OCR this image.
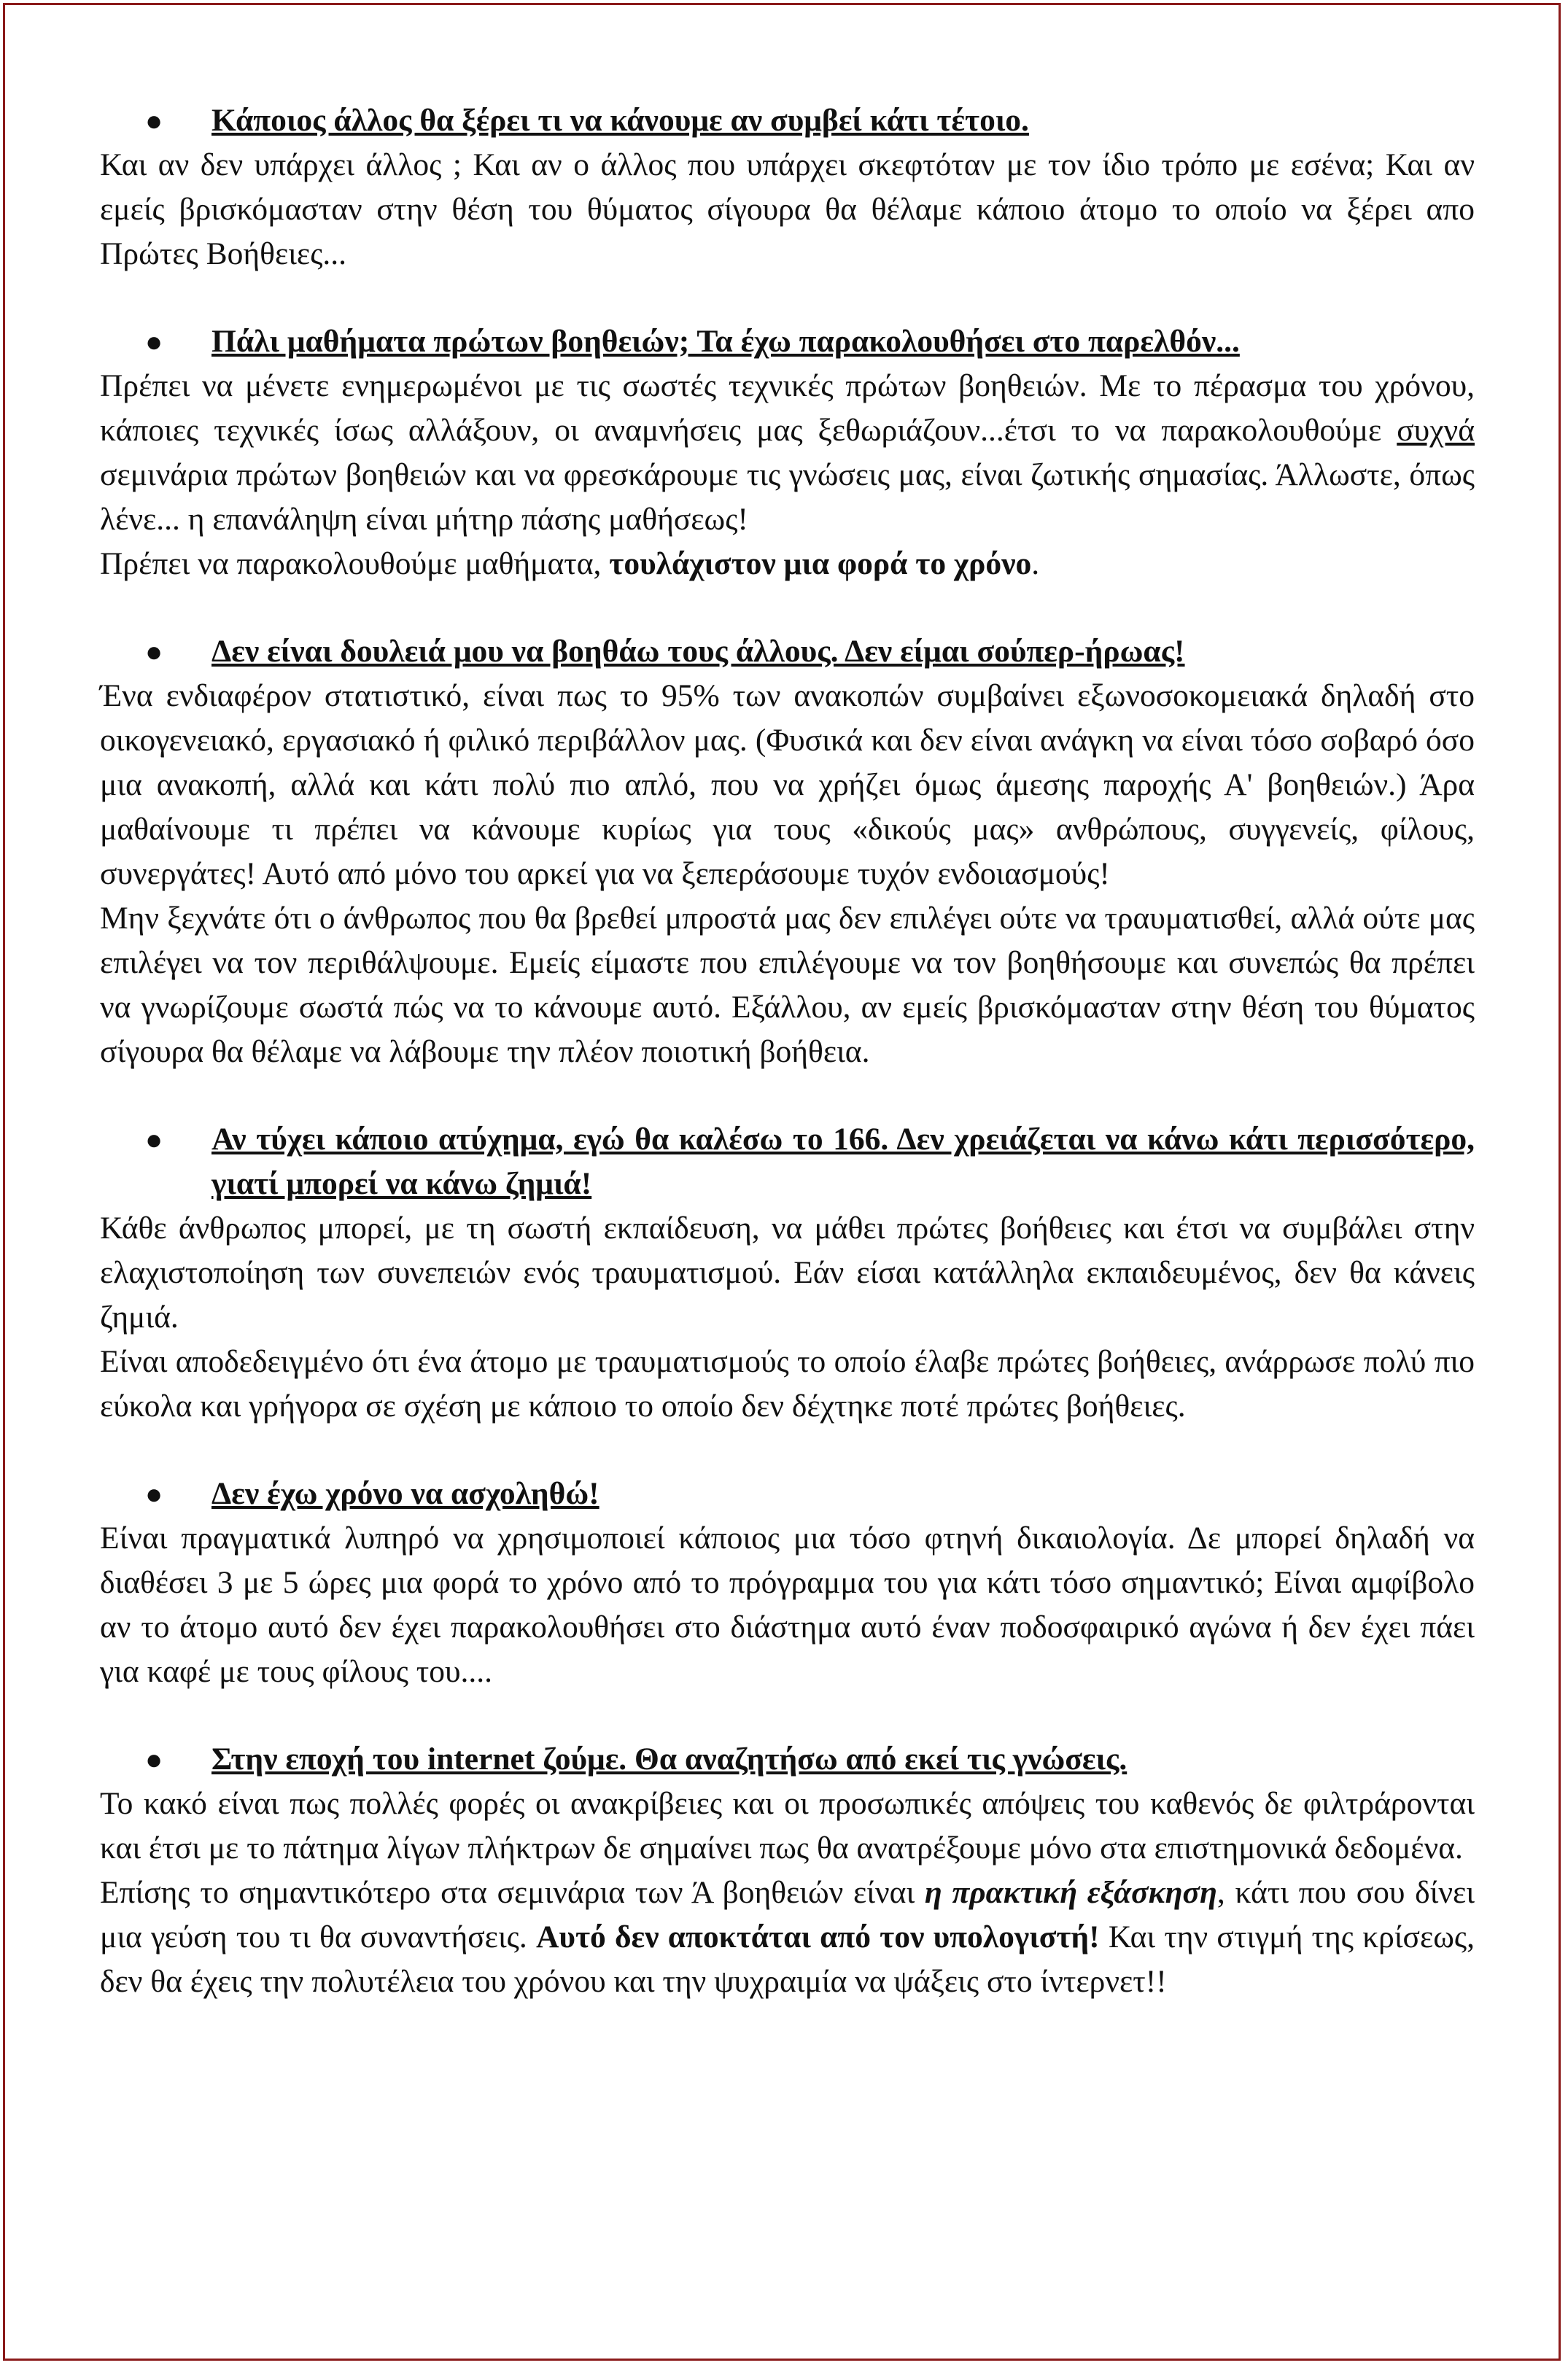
● Κάποιος άλλος θα ξέρει τι να κάνουμε αν συμβεί κάτι τέτοιο.
Και αν δεν υπάρχει άλλος ; Και αν ο άλλος που υπάρχει σκεφτόταν με τον ίδιο τρόπο με εσένα; Και αν εμείς βρισκόμασταν στην θέση του θύματος σίγουρα θα θέλαμε κάποιο άτομο το οποίο να ξέρει απο Πρώτες Βοήθειες...
● Πάλι μαθήματα πρώτων βοηθειών; Τα έχω παρακολουθήσει στο παρελθόν...
Πρέπει να μένετε ενημερωμένοι με τις σωστές τεχνικές πρώτων βοηθειών. Με το πέρασμα του χρόνου, κάποιες τεχνικές ίσως αλλάξουν, οι αναμνήσεις μας ξεθωριάζουν...έτσι το να παρακολουθούμε συχνά σεμινάρια πρώτων βοηθειών και να φρεσκάρουμε τις γνώσεις μας, είναι ζωτικής σημασίας. Άλλωστε, όπως λένε... η επανάληψη είναι μήτηρ πάσης μαθήσεως!
Πρέπει να παρακολουθούμε μαθήματα, τουλάχιστον μια φορά το χρόνο.
● Δεν είναι δουλειά μου να βοηθάω τους άλλους. Δεν είμαι σούπερ-ήρωας!
Ένα ενδιαφέρον στατιστικό, είναι πως το 95% των ανακοπών συμβαίνει εξωνοσοκομειακά δηλαδή στο οικογενειακό, εργασιακό ή φιλικό περιβάλλον μας. (Φυσικά και δεν είναι ανάγκη να είναι τόσο σοβαρό όσο μια ανακοπή, αλλά και κάτι πολύ πιο απλό, που να χρήζει όμως άμεσης παροχής Α' βοηθειών.) Άρα μαθαίνουμε τι πρέπει να κάνουμε κυρίως για τους «δικούς μας» ανθρώπους, συγγενείς, φίλους, συνεργάτες! Αυτό από μόνο του αρκεί για να ξεπεράσουμε τυχόν ενδοιασμούς!
Μην ξεχνάτε ότι ο άνθρωπος που θα βρεθεί μπροστά μας δεν επιλέγει ούτε να τραυματισθεί, αλλά ούτε μας επιλέγει να τον περιθάλψουμε. Εμείς είμαστε που επιλέγουμε να τον βοηθήσουμε και συνεπώς θα πρέπει να γνωρίζουμε σωστά πώς να το κάνουμε αυτό. Εξάλλου, αν εμείς βρισκόμασταν στην θέση του θύματος σίγουρα θα θέλαμε να λάβουμε την πλέον ποιοτική βοήθεια.
● Αν τύχει κάποιο ατύχημα, εγώ θα καλέσω το 166. Δεν χρειάζεται να κάνω κάτι περισσότερο, γιατί μπορεί να κάνω ζημιά!
Κάθε άνθρωπος μπορεί, με τη σωστή εκπαίδευση, να μάθει πρώτες βοήθειες και έτσι να συμβάλει στην ελαχιστοποίηση των συνεπειών ενός τραυματισμού. Εάν είσαι κατάλληλα εκπαιδευμένος, δεν θα κάνεις ζημιά.
Είναι αποδεδειγμένο ότι ένα άτομο με τραυματισμούς το οποίο έλαβε πρώτες βοήθειες, ανάρρωσε πολύ πιο εύκολα και γρήγορα σε σχέση με κάποιο το οποίο δεν δέχτηκε ποτέ πρώτες βοήθειες.
● Δεν έχω χρόνο να ασχοληθώ!
Είναι πραγματικά λυπηρό να χρησιμοποιεί κάποιος μια τόσο φτηνή δικαιολογία. Δε μπορεί δηλαδή να διαθέσει 3 με 5 ώρες μια φορά το χρόνο από το πρόγραμμα του για κάτι τόσο σημαντικό; Είναι αμφίβολο αν το άτομο αυτό δεν έχει παρακολουθήσει στο διάστημα αυτό έναν ποδοσφαιρικό αγώνα ή δεν έχει πάει για καφέ με τους φίλους του....
● Στην εποχή του internet ζούμε. Θα αναζητήσω από εκεί τις γνώσεις.
Το κακό είναι πως πολλές φορές οι ανακρίβειες και οι προσωπικές απόψεις του καθενός δε φιλτράρονται και έτσι με το πάτημα λίγων πλήκτρων δε σημαίνει πως θα ανατρέξουμε μόνο στα επιστημονικά δεδομένα.
Επίσης το σημαντικότερο στα σεμινάρια των Ά βοηθειών είναι η πρακτική εξάσκηση, κάτι που σου δίνει μια γεύση του τι θα συναντήσεις. Αυτό δεν αποκτάται από τον υπολογιστή! Και την στιγμή της κρίσεως, δεν θα έχεις την πολυτέλεια του χρόνου και την ψυχραιμία να ψάξεις στο ίντερνετ!!
